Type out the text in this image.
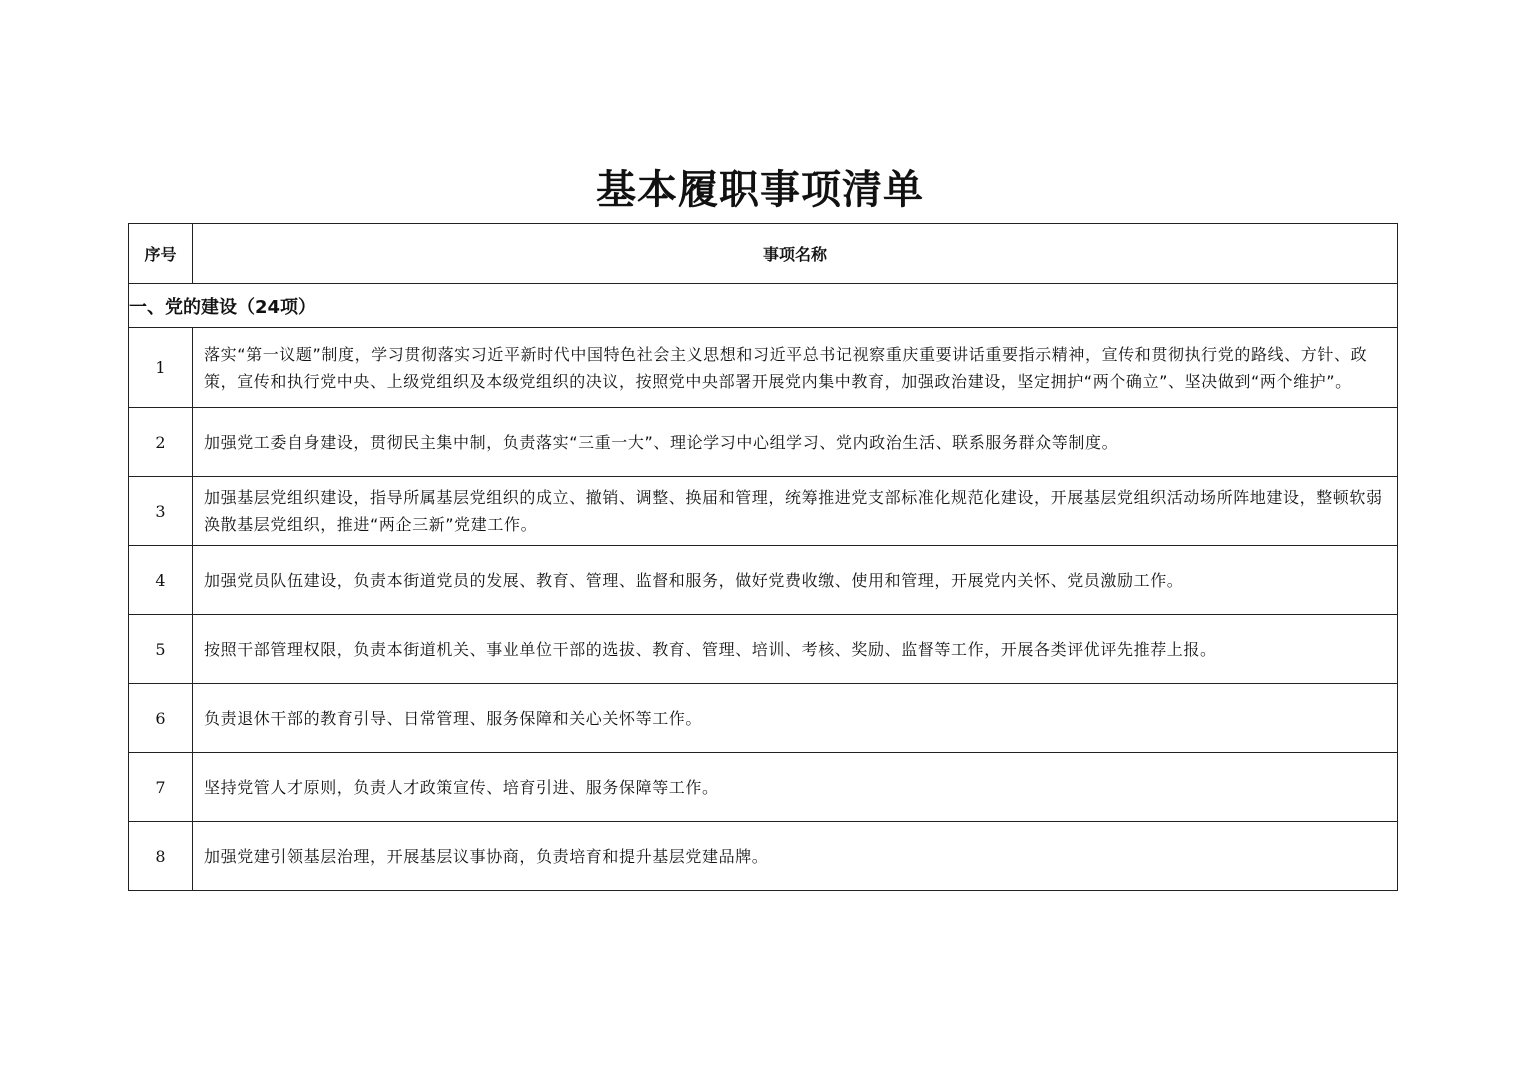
基本履职事项清单
序号	事项名称
一、党的建设（24项）	
1	落实“第一议题”制度，学习贯彻落实习近平新时代中国特色社会主义思想和习近平总书记视察重庆重要讲话重要指示精神，宣传和贯彻执行党的路线、方针、政策，宣传和执行党中央、上级党组织及本级党组织的决议，按照党中央部署开展党内集中教育，加强政治建设，坚定拥护“两个确立”、坚决做到“两个维护”。
2	加强党工委自身建设，贯彻民主集中制，负责落实“三重一大”、理论学习中心组学习、党内政治生活、联系服务群众等制度。
3	加强基层党组织建设，指导所属基层党组织的成立、撤销、调整、换届和管理，统筹推进党支部标准化规范化建设，开展基层党组织活动场所阵地建设，整顿软弱涣散基层党组织，推进“两企三新”党建工作。
4	加强党员队伍建设，负责本街道党员的发展、教育、管理、监督和服务，做好党费收缴、使用和管理，开展党内关怀、党员激励工作。
5	按照干部管理权限，负责本街道机关、事业单位干部的选拔、教育、管理、培训、考核、奖励、监督等工作，开展各类评优评先推荐上报。
6	负责退休干部的教育引导、日常管理、服务保障和关心关怀等工作。
7	坚持党管人才原则，负责人才政策宣传、培育引进、服务保障等工作。
8	加强党建引领基层治理，开展基层议事协商，负责培育和提升基层党建品牌。
